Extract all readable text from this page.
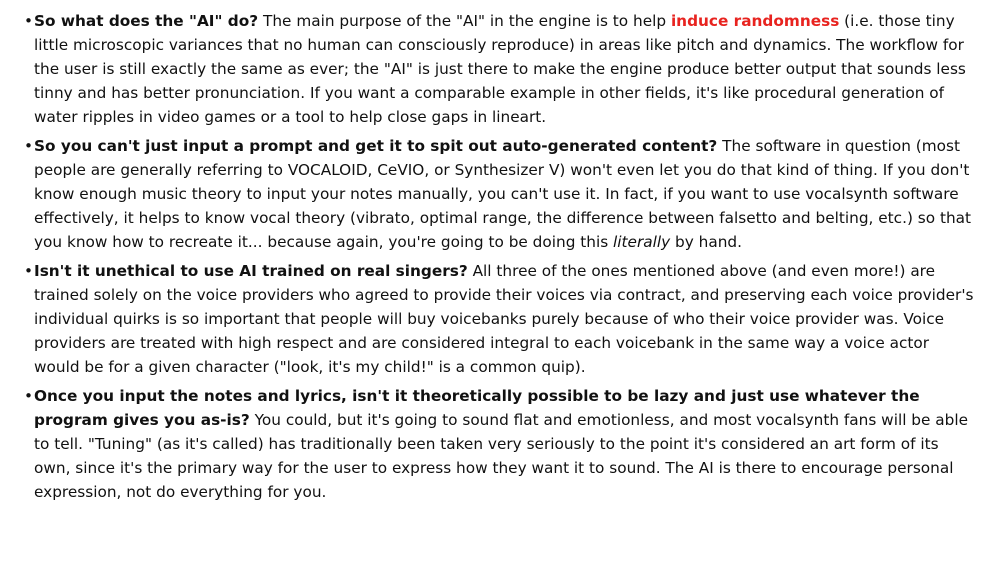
• So what does the "AI" do? The main purpose of the "AI" in the engine is to help induce randomness (i.e. those tiny little microscopic variances that no human can consciously reproduce) in areas like pitch and dynamics. The workflow for the user is still exactly the same as ever; the "AI" is just there to make the engine produce better output that sounds less tinny and has better pronunciation. If you want a comparable example in other fields, it's like procedural generation of water ripples in video games or a tool to help close gaps in lineart.
• So you can't just input a prompt and get it to spit out auto-generated content? The software in question (most people are generally referring to VOCALOID, CeVIO, or Synthesizer V) won't even let you do that kind of thing. If you don't know enough music theory to input your notes manually, you can't use it. In fact, if you want to use vocalsynth software effectively, it helps to know vocal theory (vibrato, optimal range, the difference between falsetto and belting, etc.) so that you know how to recreate it... because again, you're going to be doing this literally by hand.
• Isn't it unethical to use AI trained on real singers? All three of the ones mentioned above (and even more!) are trained solely on the voice providers who agreed to provide their voices via contract, and preserving each voice provider's individual quirks is so important that people will buy voicebanks purely because of who their voice provider was. Voice providers are treated with high respect and are considered integral to each voicebank in the same way a voice actor would be for a given character ("look, it's my child!" is a common quip).
• Once you input the notes and lyrics, isn't it theoretically possible to be lazy and just use whatever the program gives you as-is? You could, but it's going to sound flat and emotionless, and most vocalsynth fans will be able to tell. "Tuning" (as it's called) has traditionally been taken very seriously to the point it's considered an art form of its own, since it's the primary way for the user to express how they want it to sound. The AI is there to encourage personal expression, not do everything for you.
